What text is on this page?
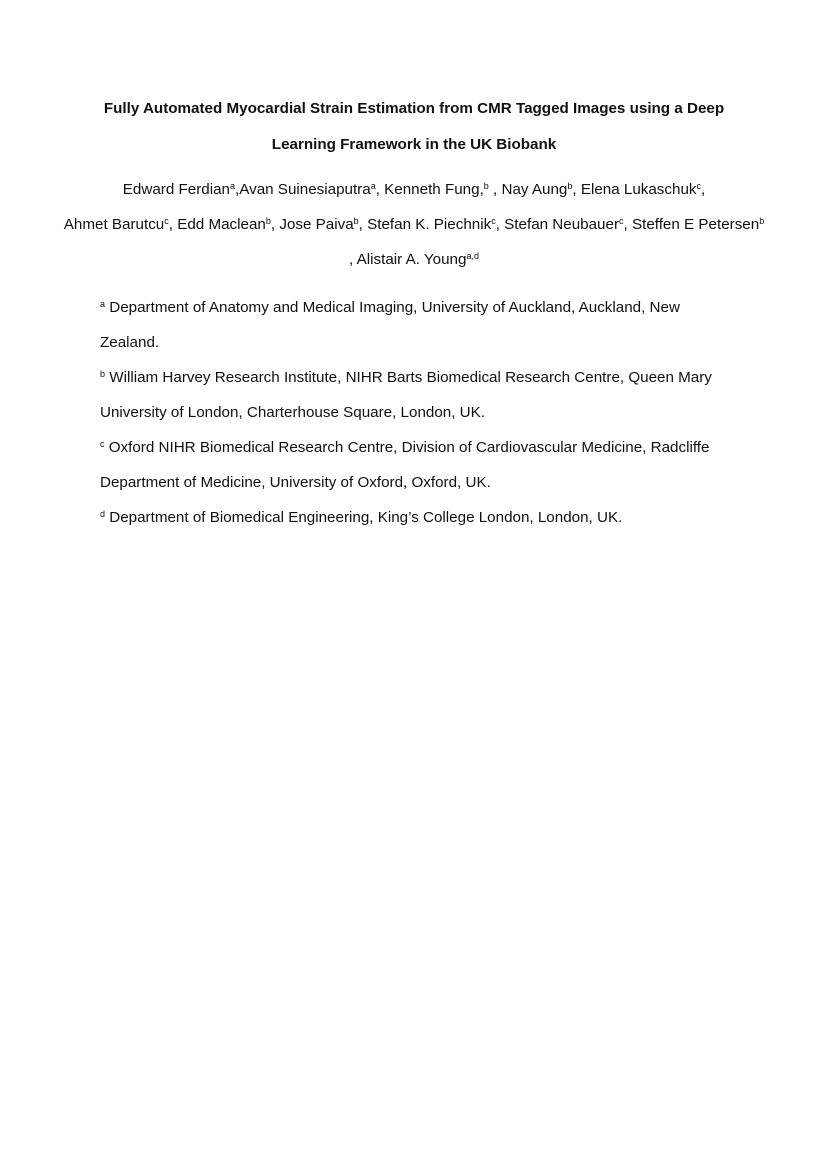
Fully Automated Myocardial Strain Estimation from CMR Tagged Images using a Deep
Learning Framework in the UK Biobank

Edward Ferdian$^a$,Avan Suinesiaputra$^a$, Kenneth Fung,$^b$ , Nay Aung$^b$, Elena Lukaschuk$^c$,
Ahmet Barutcu$^c$, Edd Maclean$^b$, Jose Paiva$^b$, Stefan K. Piechnik$^c$, Stefan Neubauer$^c$, Steffen E Petersen$^b$ , Alistair A. Young$^{a,d}$

$^a$ Department of Anatomy and Medical Imaging, University of Auckland, Auckland, New Zealand.

$^b$ William Harvey Research Institute, NIHR Barts Biomedical Research Centre, Queen Mary University of London, Charterhouse Square, London, UK.

$^c$ Oxford NIHR Biomedical Research Centre, Division of Cardiovascular Medicine, Radcliffe Department of Medicine, University of Oxford, Oxford, UK.

$^d$ Department of Biomedical Engineering, King’s College London, London, UK.
